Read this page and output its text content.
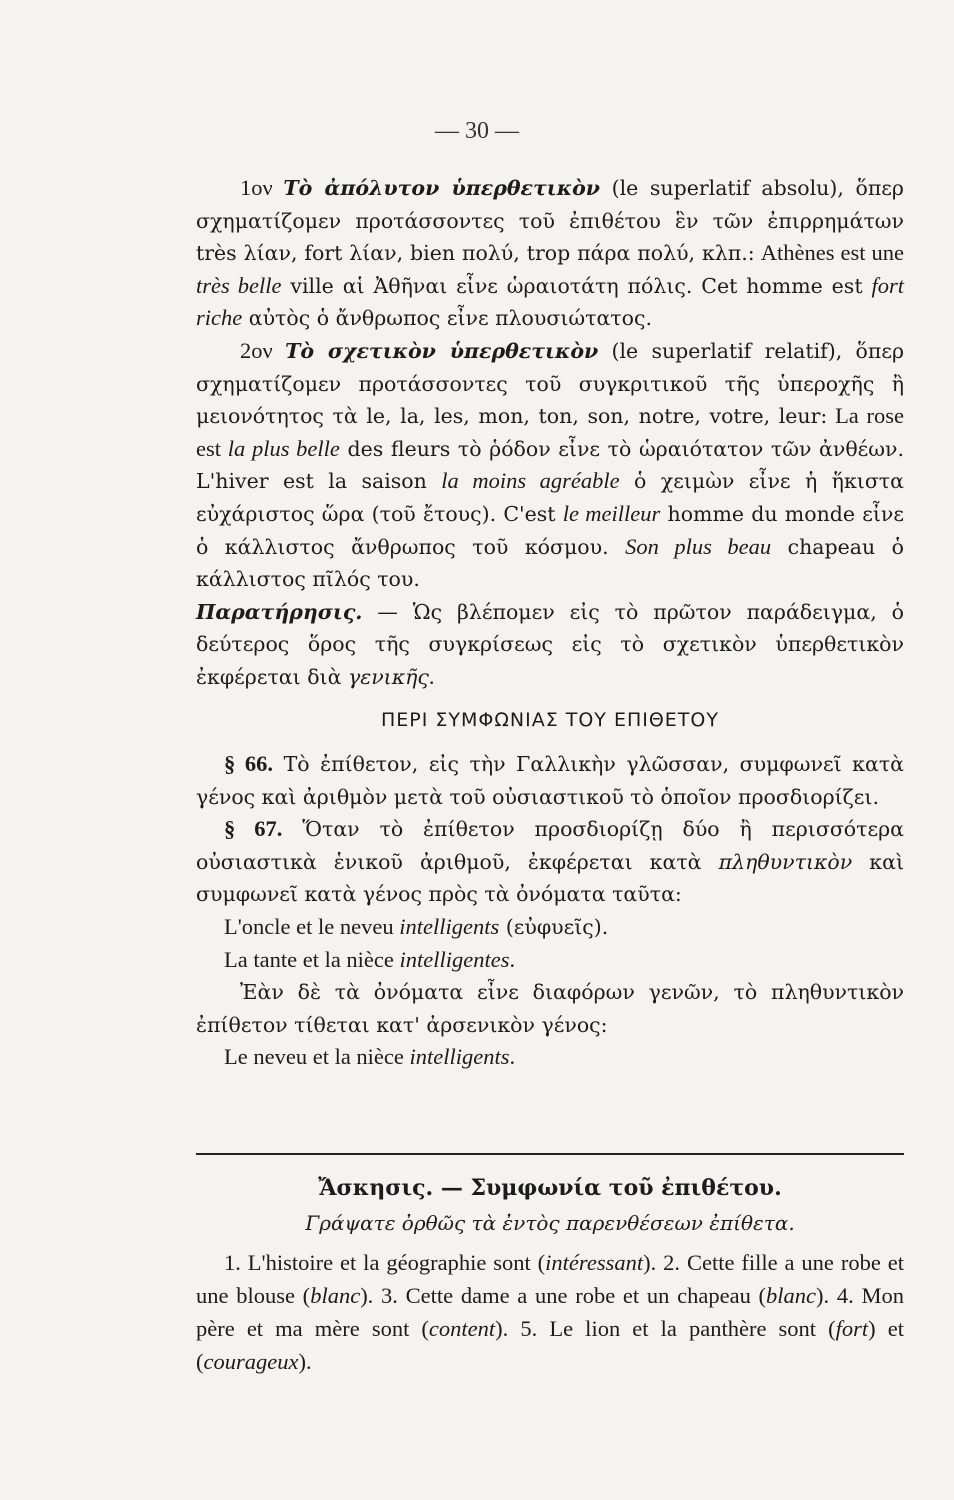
— 30 —

1ον Τὸ ἀπόλυτον ὑπερθετικὸν (le superlatif absolu), ὅπερ σχηματίζομεν προτάσσοντες τοῦ ἐπιθέτου ἓν τῶν ἐπιρρημάτων très λίαν, fort λίαν, bien πολύ, trop πάρα πολύ, κλπ.: Athènes est une très belle ville αἱ Ἀθῆναι εἶνε ὡραιοτάτη πόλις. Cet homme est fort riche αὐτὸς ὁ ἄνθρωπος εἶνε πλουσιώτατος.

2ον Τὸ σχετικὸν ὑπερθετικὸν (le superlatif relatif), ὅπερ σχηματίζομεν προτάσσοντες τοῦ συγκριτικοῦ τῆς ὑπεροχῆς ἢ μειονότητος τὰ le, la, les, mon, ton, son, notre, votre, leur: La rose est la plus belle des fleurs τὸ ῥόδον εἶνε τὸ ὡραιότατον τῶν ἀνθέων. L'hiver est la saison la moins agréable ὁ χειμὼν εἶνε ἡ ἥκιστα εὐχάριστος ὥρα (τοῦ ἔτους). C'est le meilleur homme du monde εἶνε ὁ κάλλιστος ἄνθρωπος τοῦ κόσμου. Son plus beau chapeau ὁ κάλλιστος πῖλός του.

Παρατήρησις. — Ὡς βλέπομεν εἰς τὸ πρῶτον παράδειγμα, ὁ δεύτερος ὅρος τῆς συγκρίσεως εἰς τὸ σχετικὸν ὑπερθετικὸν ἐκφέρεται διὰ γενικῆς.

ΠΕΡΙ ΣΥΜΦΩΝΙΑΣ ΤΟΥ ΕΠΙΘΕΤΟΥ

§ 66. Τὸ ἐπίθετον, εἰς τὴν Γαλλικὴν γλῶσσαν, συμφωνεῖ κατὰ γένος καὶ ἀριθμὸν μετὰ τοῦ οὐσιαστικοῦ τὸ ὁποῖον προσδιορίζει.

§ 67. Ὅταν τὸ ἐπίθετον προσδιορίζῃ δύο ἢ περισσότερα οὐσιαστικὰ ἑνικοῦ ἀριθμοῦ, ἐκφέρεται κατὰ πληθυντικὸν καὶ συμφωνεῖ κατὰ γένος πρὸς τὰ ὀνόματα ταῦτα:

L'oncle et le neveu intelligents (εὐφυεῖς).

La tante et la nièce intelligentes.

Ἐὰν δὲ τὰ ὀνόματα εἶνε διαφόρων γενῶν, τὸ πληθυντικὸν ἐπίθετον τίθεται κατ' ἀρσενικὸν γένος:

Le neveu et la nièce intelligents.

Ἄσκησις. — Συμφωνία τοῦ ἐπιθέτου.
Γράψατε ὀρθῶς τὰ ἐντὸς παρενθέσεων ἐπίθετα.

1. L'histoire et la géographie sont (intéressant). 2. Cette fille a une robe et une blouse (blanc). 3. Cette dame a une robe et un chapeau (blanc). 4. Mon père et ma mère sont (content). 5. Le lion et la panthère sont (fort) et (courageux).
